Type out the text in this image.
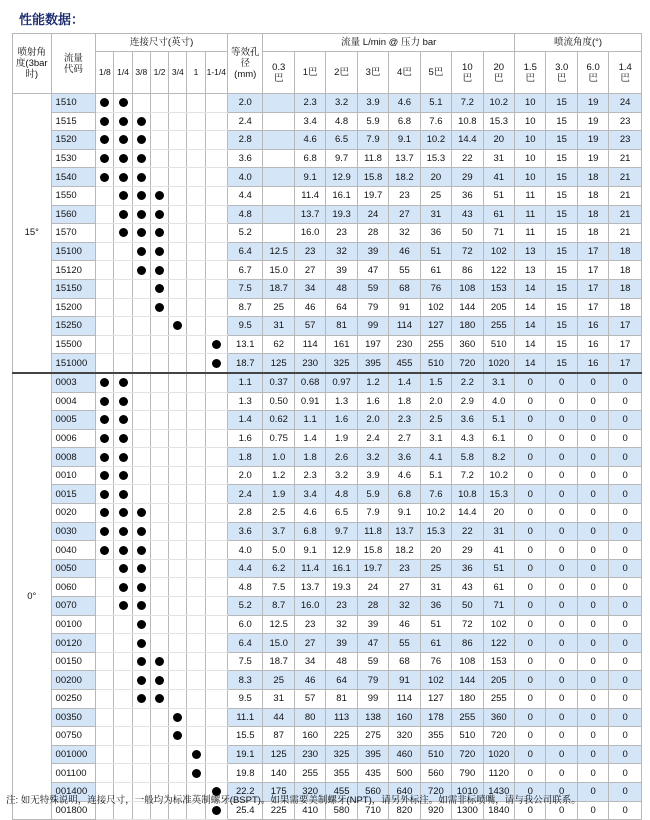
性能数据：
喷射角度(3bar时)	流量代码	连接尺寸(英寸)							等效孔径(mm)	流量 L/min @ 压力 bar								喷流角度(°)			

		1/8	1/4	3/8	1/2	3/4	1	1-1/4		0.3巴	1巴	2巴	3巴	4巴	5巴	10巴	20巴	1.5巴	3.0巴	6.0巴	1.4巴

15°	1510								2.0		2.3	3.2	3.9	4.6	5.1	7.2	10.2	10	15	19	24
	1515								2.4		3.4	4.8	5.9	6.8	7.6	10.8	15.3	10	15	19	23
	1520								2.8		4.6	6.5	7.9	9.1	10.2	14.4	20	10	15	19	23
	1530								3.6		6.8	9.7	11.8	13.7	15.3	22	31	10	15	19	21
	1540								4.0		9.1	12.9	15.8	18.2	20	29	41	10	15	18	21
	1550								4.4		11.4	16.1	19.7	23	25	36	51	11	15	18	21
	1560								4.8		13.7	19.3	24	27	31	43	61	11	15	18	21
	1570								5.2		16.0	23	28	32	36	50	71	11	15	18	21
	15100								6.4	12.5	23	32	39	46	51	72	102	13	15	17	18
	15120								6.7	15.0	27	39	47	55	61	86	122	13	15	17	18
	15150								7.5	18.7	34	48	59	68	76	108	153	14	15	17	18
	15200								8.7	25	46	64	79	91	102	144	205	14	15	17	18
	15250								9.5	31	57	81	99	114	127	180	255	14	15	16	17
	15500								13.1	62	114	161	197	230	255	360	510	14	15	16	17
	151000								18.7	125	230	325	395	455	510	720	1020	14	15	16	17
0°	0003								1.1	0.37	0.68	0.97	1.2	1.4	1.5	2.2	3.1	0	0	0	0
	0004								1.3	0.50	0.91	1.3	1.6	1.8	2.0	2.9	4.0	0	0	0	0
	0005								1.4	0.62	1.1	1.6	2.0	2.3	2.5	3.6	5.1	0	0	0	0
	0006								1.6	0.75	1.4	1.9	2.4	2.7	3.1	4.3	6.1	0	0	0	0
	0008								1.8	1.0	1.8	2.6	3.2	3.6	4.1	5.8	8.2	0	0	0	0
	0010								2.0	1.2	2.3	3.2	3.9	4.6	5.1	7.2	10.2	0	0	0	0
	0015								2.4	1.9	3.4	4.8	5.9	6.8	7.6	10.8	15.3	0	0	0	0
	0020								2.8	2.5	4.6	6.5	7.9	9.1	10.2	14.4	20	0	0	0	0
	0030								3.6	3.7	6.8	9.7	11.8	13.7	15.3	22	31	0	0	0	0
	0040								4.0	5.0	9.1	12.9	15.8	18.2	20	29	41	0	0	0	0
	0050								4.4	6.2	11.4	16.1	19.7	23	25	36	51	0	0	0	0
	0060								4.8	7.5	13.7	19.3	24	27	31	43	61	0	0	0	0
	0070								5.2	8.7	16.0	23	28	32	36	50	71	0	0	0	0
	00100								6.0	12.5	23	32	39	46	51	72	102	0	0	0	0
	00120								6.4	15.0	27	39	47	55	61	86	122	0	0	0	0
	00150								7.5	18.7	34	48	59	68	76	108	153	0	0	0	0
	00200								8.3	25	46	64	79	91	102	144	205	0	0	0	0
	00250								9.5	31	57	81	99	114	127	180	255	0	0	0	0
	00350								11.1	44	80	113	138	160	178	255	360	0	0	0	0
	00750								15.5	87	160	225	275	320	355	510	720	0	0	0	0
	001000								19.1	125	230	325	395	460	510	720	1020	0	0	0	0
	001100								19.8	140	255	355	435	500	560	790	1120	0	0	0	0
	001400								22.2	175	320	455	560	640	720	1010	1430	0	0	0	0
	001800								25.4	225	410	580	710	820	920	1300	1840	0	0	0	0
注: 如无特殊说明，连接尺寸，一般均为标准英制螺牙(BSPT)。如果需要美制螺牙(NPT)，请另外标注。如需非标喷嘴，请与我公司联系。
